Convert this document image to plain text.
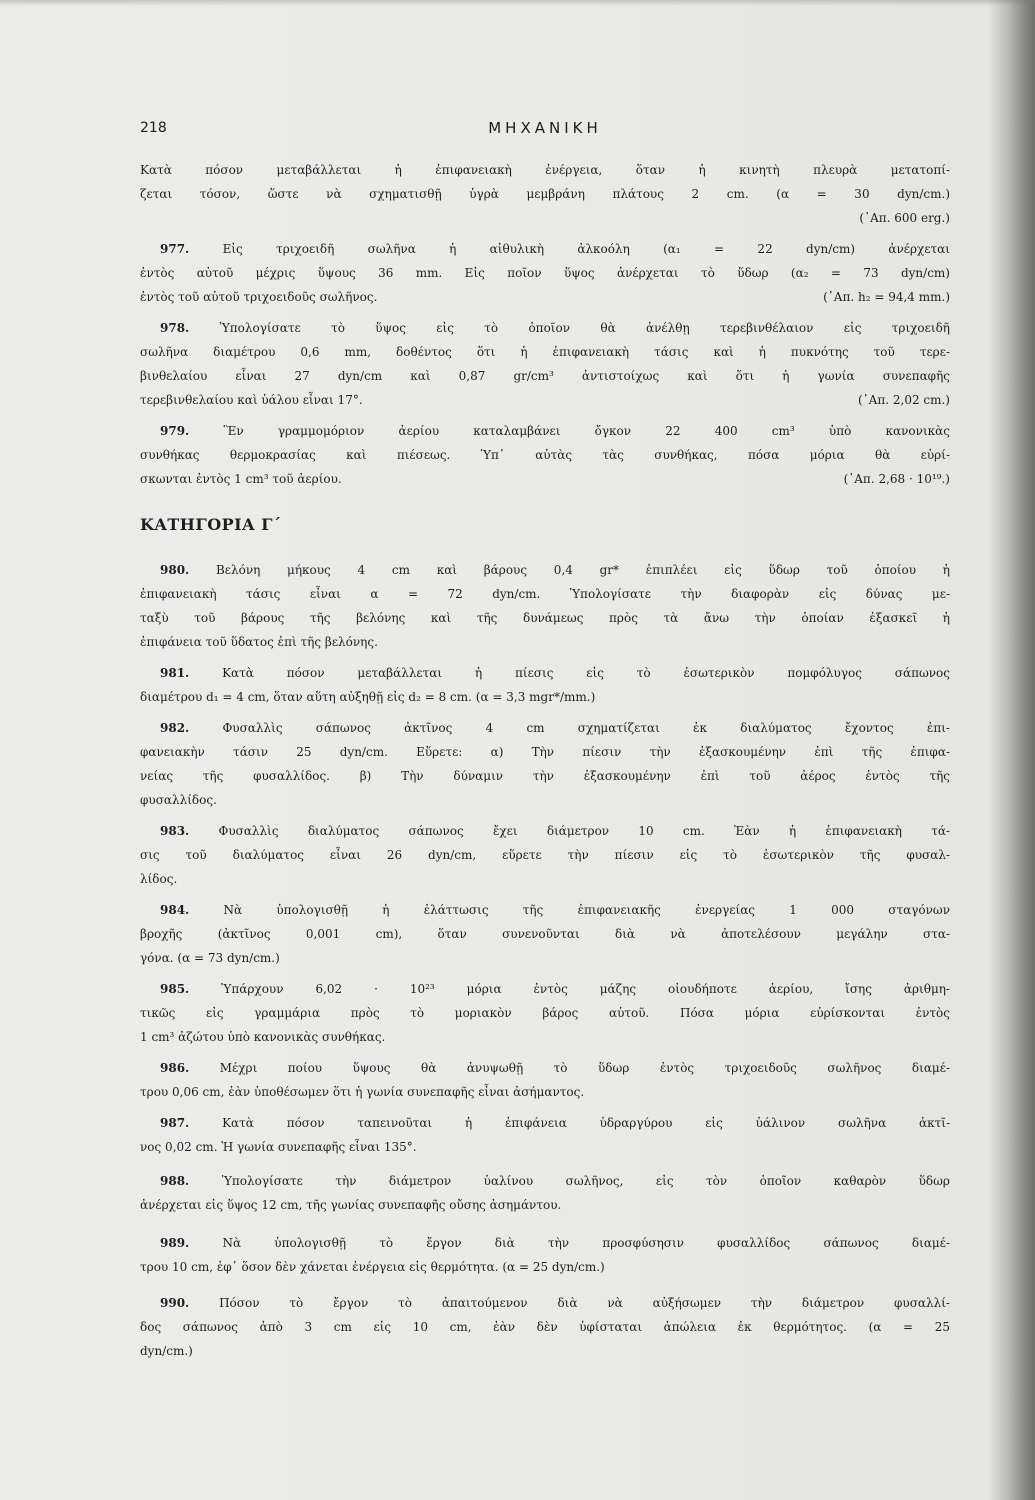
218	ΜΗΧΑΝΙΚΗ
Κατὰ πόσον μεταβάλλεται ἡ ἐπιφανειακὴ ἐνέργεια, ὅταν ἡ κινητὴ πλευρὰ μετατοπί-
ζεται τόσον, ὥστε νὰ σχηματισθῇ ὑγρὰ μεμβράνη πλάτους 2 cm. (α = 30 dyn/cm.)
(᾿Απ. 600 erg.)
977.	Εἰς τριχοειδῆ σωλῆνα ἡ αἰθυλικὴ ἀλκοόλη (α₁ = 22 dyn/cm) ἀνέρχεται
ἐντὸς αὐτοῦ μέχρις ὕψους 36 mm. Εἰς ποῖον ὕψος ἀνέρχεται τὸ ὕδωρ (α₂ = 73 dyn/cm)
ἐντὸς τοῦ αὐτοῦ τριχοειδοῦς σωλῆνος.	(᾿Απ. h₂ = 94,4 mm.)
978.	Ὑπολογίσατε τὸ ὕψος εἰς τὸ ὁποῖον θὰ ἀνέλθῃ τερεβινθέλαιον εἰς τριχοειδῆ
σωλῆνα διαμέτρου 0,6 mm, δοθέντος ὅτι ἡ ἐπιφανειακὴ τάσις καὶ ἡ πυκνότης τοῦ τερε-
βινθελαίου εἶναι 27 dyn/cm καὶ 0,87 gr/cm³ ἀντιστοίχως καὶ ὅτι ἡ γωνία συνεπαφῆς
τερεβινθελαίου καὶ ὑάλου εἶναι 17°.	(᾿Απ. 2,02 cm.)
979.	Ἓν γραμμομόριον ἀερίου καταλαμβάνει ὄγκον 22 400 cm³ ὑπὸ κανονικὰς
συνθήκας θερμοκρασίας καὶ πιέσεως. Ὑπ᾿ αὐτὰς τὰς συνθήκας, πόσα μόρια θὰ εὑρί-
σκωνται ἐντὸς 1 cm³ τοῦ ἀερίου.	(᾿Απ. 2,68 · 10¹⁹.)
ΚΑΤΗΓΟΡΙΑ Γ΄
980. Βελόνη μήκους 4 cm καὶ βάρους 0,4 gr* ἐπιπλέει εἰς ὕδωρ τοῦ ὁποίου ἡ
ἐπιφανειακὴ τάσις εἶναι α = 72 dyn/cm. Ὑπολογίσατε τὴν διαφορὰν εἰς δύνας με-
ταξὺ τοῦ βάρους τῆς βελόνης καὶ τῆς δυνάμεως πρὸς τὰ ἄνω τὴν ὁποίαν ἐξασκεῖ ἡ
ἐπιφάνεια τοῦ ὕδατος ἐπὶ τῆς βελόνης.
981.	Κατὰ πόσον μεταβάλλεται ἡ πίεσις εἰς τὸ ἐσωτερικὸν πομφόλυγος σάπωνος
διαμέτρου d₁ = 4 cm, ὅταν αὕτη αὐξηθῇ εἰς d₂ = 8 cm. (α = 3,3 mgr*/mm.)
982.	Φυσαλλὶς σάπωνος ἀκτῖνος 4 cm σχηματίζεται ἐκ διαλύματος ἔχοντος ἐπι-
φανειακὴν τάσιν 25 dyn/cm. Εὕρετε: α) Τὴν πίεσιν τὴν ἐξασκουμένην ἐπὶ τῆς ἐπιφα-
νείας τῆς φυσαλλίδος. β) Τὴν δύναμιν τὴν ἐξασκουμένην ἐπὶ τοῦ ἀέρος ἐντὸς τῆς
φυσαλλίδος.
983. Φυσαλλὶς διαλύματος σάπωνος ἔχει διάμετρον 10 cm. Ἐὰν ἡ ἐπιφανειακὴ τά-
σις τοῦ διαλύματος εἶναι 26 dyn/cm, εὕρετε τὴν πίεσιν εἰς τὸ ἐσωτερικὸν τῆς φυσαλ-
λίδος.
984.	Νὰ ὑπολογισθῇ ἡ ἐλάττωσις τῆς ἐπιφανειακῆς ἐνεργείας 1 000 σταγόνων
βροχῆς (ἀκτῖνος 0,001 cm), ὅταν συνενοῦνται διὰ νὰ ἀποτελέσουν μεγάλην στα-
γόνα. (α = 73 dyn/cm.)
985.	Ὑπάρχουν 6,02 · 10²³ μόρια ἐντὸς μάζης οἱουδήποτε ἀερίου, ἴσης ἀριθμη-
τικῶς εἰς γραμμάρια πρὸς τὸ μοριακὸν βάρος αὐτοῦ. Πόσα μόρια εὑρίσκονται ἐντὸς
1 cm³ ἀζώτου ὑπὸ κανονικὰς συνθήκας.
986.	Μέχρι ποίου ὕψους θὰ ἀνυψωθῇ τὸ ὕδωρ ἐντὸς τριχοειδοῦς σωλῆνος διαμέ-
τρου 0,06 cm, ἐὰν ὑποθέσωμεν ὅτι ἡ γωνία συνεπαφῆς εἶναι ἀσήμαντος.
987.	Κατὰ πόσον ταπεινοῦται ἡ ἐπιφάνεια ὑδραργύρου εἰς ὑάλινον σωλῆνα ἀκτῖ-
νος 0,02 cm. Ἡ γωνία συνεπαφῆς εἶναι 135°.
988.	Ὑπολογίσατε τὴν διάμετρον ὑαλίνου σωλῆνος, εἰς τὸν ὁποῖον καθαρὸν ὕδωρ
ἀνέρχεται εἰς ὕψος 12 cm, τῆς γωνίας συνεπαφῆς οὔσης ἀσημάντου.
989.	Νὰ ὑπολογισθῇ τὸ ἔργον διὰ τὴν προσφύσησιν φυσαλλίδος σάπωνος διαμέ-
τρου 10 cm, ἐφ᾿ ὅσον δὲν χάνεται ἐνέργεια εἰς θερμότητα. (α = 25 dyn/cm.)
990. Πόσον τὸ ἔργον τὸ ἀπαιτούμενον διὰ νὰ αὐξήσωμεν τὴν διάμετρον φυσαλλί-
δος σάπωνος ἀπὸ 3 cm εἰς 10 cm, ἐὰν δὲν ὑφίσταται ἀπώλεια ἐκ θερμότητος. (α = 25
dyn/cm.)
